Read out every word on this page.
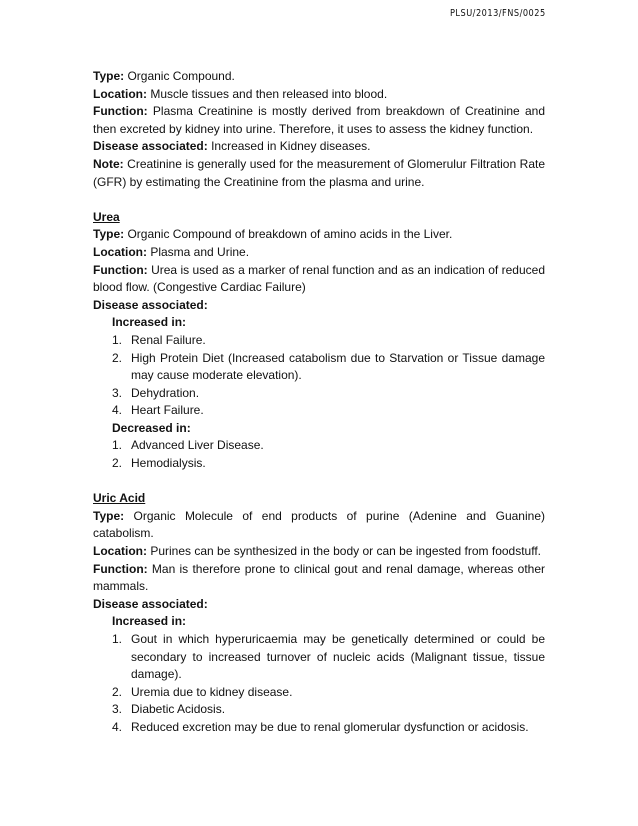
PLSU/2013/FNS/0025

Type: Organic Compound.

Location: Muscle tissues and then released into blood.

Function: Plasma Creatinine is mostly derived from breakdown of Creatinine and then excreted by kidney into urine. Therefore, it uses to assess the kidney function.

Disease associated: Increased in Kidney diseases.

Note: Creatinine is generally used for the measurement of Glomerulur Filtration Rate (GFR) by estimating the Creatinine from the plasma and urine.

Urea

Type: Organic Compound of breakdown of amino acids in the Liver.

Location: Plasma and Urine.

Function: Urea is used as a marker of renal function and as an indication of reduced blood flow. (Congestive Cardiac Failure)

Disease associated:

Increased in:

1. Renal Failure.
2. High Protein Diet (Increased catabolism due to Starvation or Tissue damage may cause moderate elevation).
3. Dehydration.
4. Heart Failure.

Decreased in:

1. Advanced Liver Disease.
2. Hemodialysis.

Uric Acid

Type: Organic Molecule of end products of purine (Adenine and Guanine) catabolism.

Location: Purines can be synthesized in the body or can be ingested from foodstuff.

Function: Man is therefore prone to clinical gout and renal damage, whereas other mammals.

Disease associated:

Increased in:

1. Gout in which hyperuricaemia may be genetically determined or could be secondary to increased turnover of nucleic acids (Malignant tissue, tissue damage).
2. Uremia due to kidney disease.
3. Diabetic Acidosis.
4. Reduced excretion may be due to renal glomerular dysfunction or acidosis.
